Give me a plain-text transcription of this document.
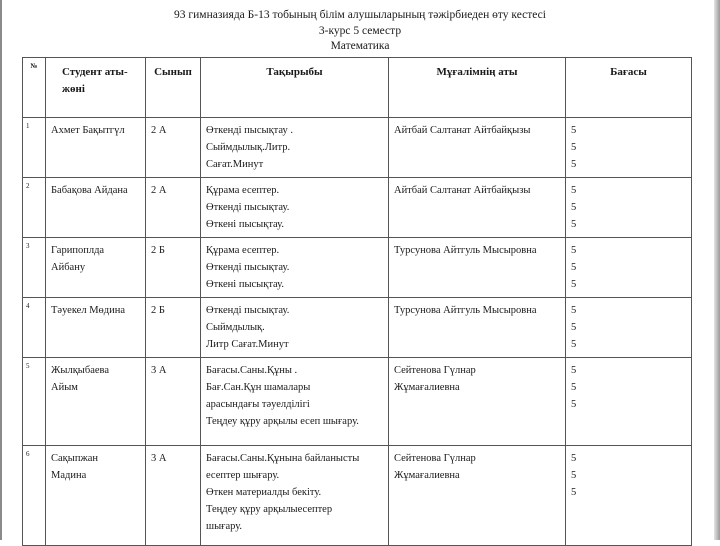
93 гимназияда Б-13 тобының білім алушыларының тәжірбиеден өту кестесі
3-курс 5 семестр
Математика
№	Студент аты-
жөні	Сынып	Тақырыбы	Мұғалімнің аты	Бағасы
1	Ахмет Бақытгүл	2 А	Өткенді пысықтау .
Сыймдылық.Литр.
Сағат.Минут	Айтбай Салтанат Айтбайқызы	5
5
5
2	Бабақова Айдана	2 А	Құрама есептер.
Өткенді пысықтау.
Өткені пысықтау.	Айтбай Салтанат Айтбайқызы	5
5
5
3	Гарипоплда
Айбану	2 Б	Құрама есептер.
Өткенді пысықтау.
Өткені пысықтау.	Турсунова Айтгуль Мысыровна	5
5
5
4	Тәуекел Мөдина	2 Б	Өткенді пысықтау.
Сыймдылық.
Литр Сағат.Минут	Турсунова Айтгуль Мысыровна	5
5
5
5	Жылқыбаева
Айым	3 А	Бағасы.Саны.Құны .
Бағ.Сан.Құн шамалары
арасындағы тәуелділігі
Теңдеу құру арқылы есеп шығару.	Сейтенова Гүлнар
Жұмағалиевна	5
5
5
6	Сақыпжан
Мадина	3 А	Бағасы.Саны.Құнына байланысты
есептер шығару.
Өткен материалды бекіту.
Теңдеу құру арқылыесептер
шығару.	Сейтенова Гүлнар
Жұмағалиевна	5
5
5
